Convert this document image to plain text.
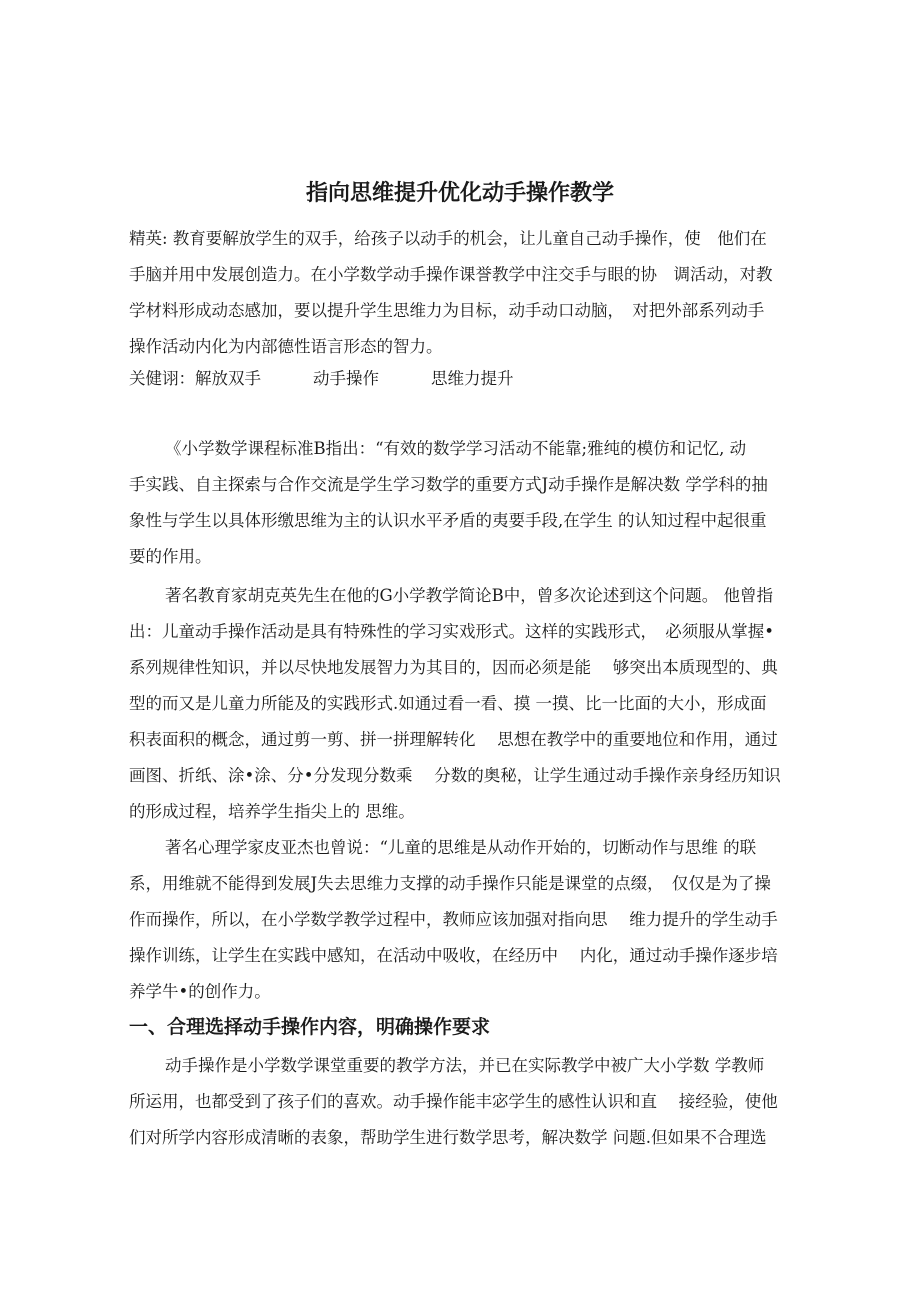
指向思维提升优化动手操作教学
精英: 教育要解放学生的双手，给孩子以动手的机会，让儿童自己动手操作，使　他们在
手脑并用中发展创造力。在小学数学动手操作课誉教学中注交手与眼的协　调活动，对教
学材料形成动态感加，要以提升学生思维力为目标，动手动口动脑，　对把外部系列动手
操作活动内化为内部德性语言形态的智力。
关健诩：解放双手	动手操作	思维力提升
《小学数学课程标准B指出：“有效的数学学习活动不能靠;雅纯的模仿和记忆, 动
手实践、自主探索与合作交流是学生学习数学的重要方式J动手操作是解决数 学学科的抽
象性与学生以具体形缴思维为主的认识水平矛盾的夷要手段,在学生 的认知过程中起很重
要的作用。
著名教育家胡克英先生在他的G小学教学简论B中，曾多次论述到这个问题。 他曾指
出：儿童动手操作活动是具有特殊性的学习实戏形式。这样的实践形式，　必须服从掌握•
系列规律性知识，并以尽快地发展智力为其目的，因而必须是能　 够突出本质现型的、典
型的而又是儿童力所能及的实践形式.如通过看一看、摸 一摸、比一比面的大小，形成面
积表面积的概念，通过剪一剪、拼一拼理解转化　 思想在教学中的重要地位和作用，通过
画图、折纸、涂•涂、分•分发现分数乘　 分数的奥秘，让学生通过动手操作亲身经历知识
的形成过程，培养学生指尖上的 思维。
著名心理学家皮亚杰也曾说：“儿童的思维是从动作开始的，切断动作与思维 的联
系，用维就不能得到发展J失去思维力支撑的动手操作只能是课堂的点缀，　仅仅是为了操
作而操作，所以，在小学数学教学过程中，教师应该加强对指向思　 维力提升的学生动手
操作训练，让学生在实践中感知，在活动中吸收，在经历中　 内化，通过动手操作逐步培
养学牛•的创作力。
一、合理选择动手操作内容，明确操作要求
动手操作是小学数学课堂重要的教学方法，并已在实际教学中被广大小学数 学教师
所运用，也都受到了孩子们的喜欢。动手操作能丰宓学生的感性认识和直　 接经验，使他
们对所学内容形成清晰的表象，帮助学生进行数学思考，解决数学 问题.但如果不合理选
